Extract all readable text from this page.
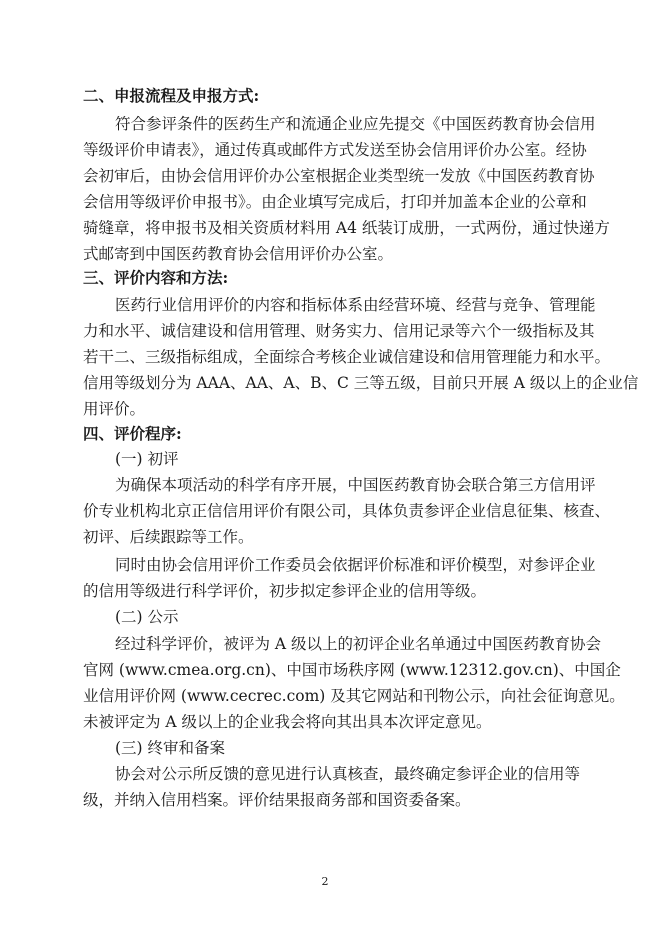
二、申报流程及申报方式:
符合参评条件的医药生产和流通企业应先提交《中国医药教育协会信用
等级评价申请表》，通过传真或邮件方式发送至协会信用评价办公室。经协
会初审后，由协会信用评价办公室根据企业类型统一发放《中国医药教育协
会信用等级评价申报书》。由企业填写完成后，打印并加盖本企业的公章和
骑缝章，将申报书及相关资质材料用 A4 纸装订成册，一式两份，通过快递方
式邮寄到中国医药教育协会信用评价办公室。
三、评价内容和方法:
医药行业信用评价的内容和指标体系由经营环境、经营与竞争、管理能
力和水平、诚信建设和信用管理、财务实力、信用记录等六个一级指标及其
若干二、三级指标组成，全面综合考核企业诚信建设和信用管理能力和水平。
信用等级划分为 AAA、AA、A、B、C 三等五级，目前只开展 A 级以上的企业信
用评价。
四、评价程序:
(一) 初评
为确保本项活动的科学有序开展，中国医药教育协会联合第三方信用评
价专业机构北京正信信用评价有限公司，具体负责参评企业信息征集、核查、
初评、后续跟踪等工作。
同时由协会信用评价工作委员会依据评价标准和评价模型，对参评企业
的信用等级进行科学评价，初步拟定参评企业的信用等级。
(二) 公示
经过科学评价，被评为 A 级以上的初评企业名单通过中国医药教育协会
官网 (www.cmea.org.cn)、中国市场秩序网 (www.12312.gov.cn)、中国企
业信用评价网 (www.cecrec.com) 及其它网站和刊物公示，向社会征询意见。
未被评定为 A 级以上的企业我会将向其出具本次评定意见。
(三) 终审和备案
协会对公示所反馈的意见进行认真核查，最终确定参评企业的信用等
级，并纳入信用档案。评价结果报商务部和国资委备案。
2
